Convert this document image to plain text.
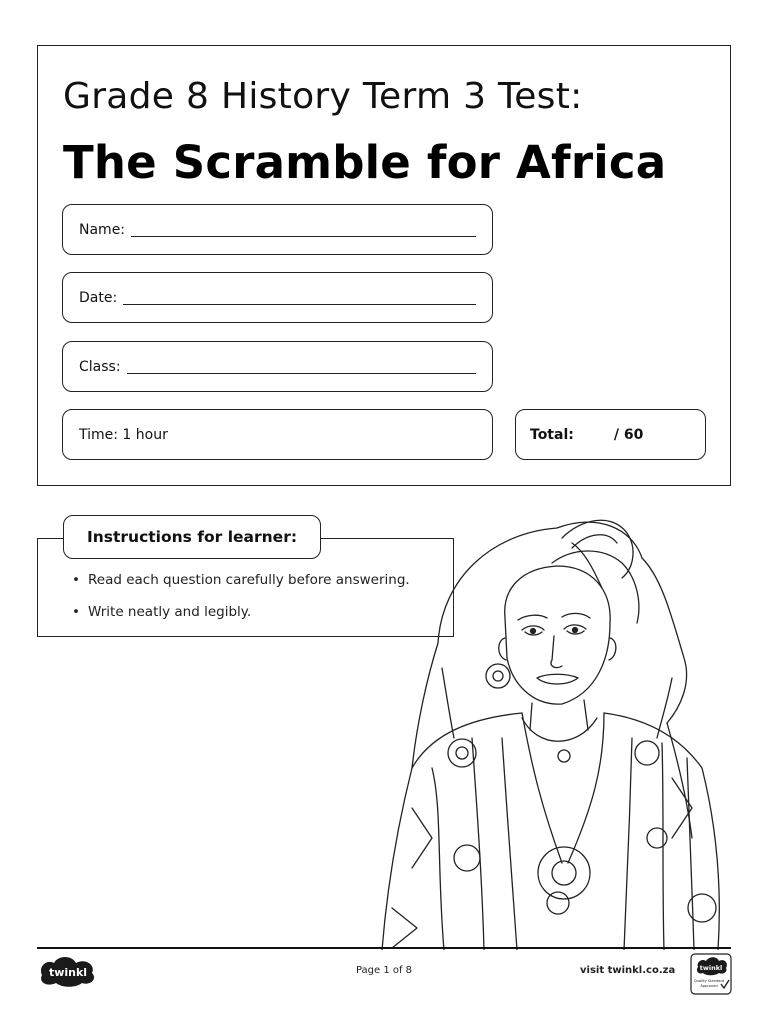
Grade 8 History Term 3 Test:
The Scramble for Africa
Name:
Date:
Class:
Time: 1 hour	Total:	/ 60
Instructions for learner:
• Read each question carefully before answering.
• Write neatly and legibly.
twinkl	Page 1 of 8	visit twinkl.co.za	twinkl
Quality Standard
Approved
